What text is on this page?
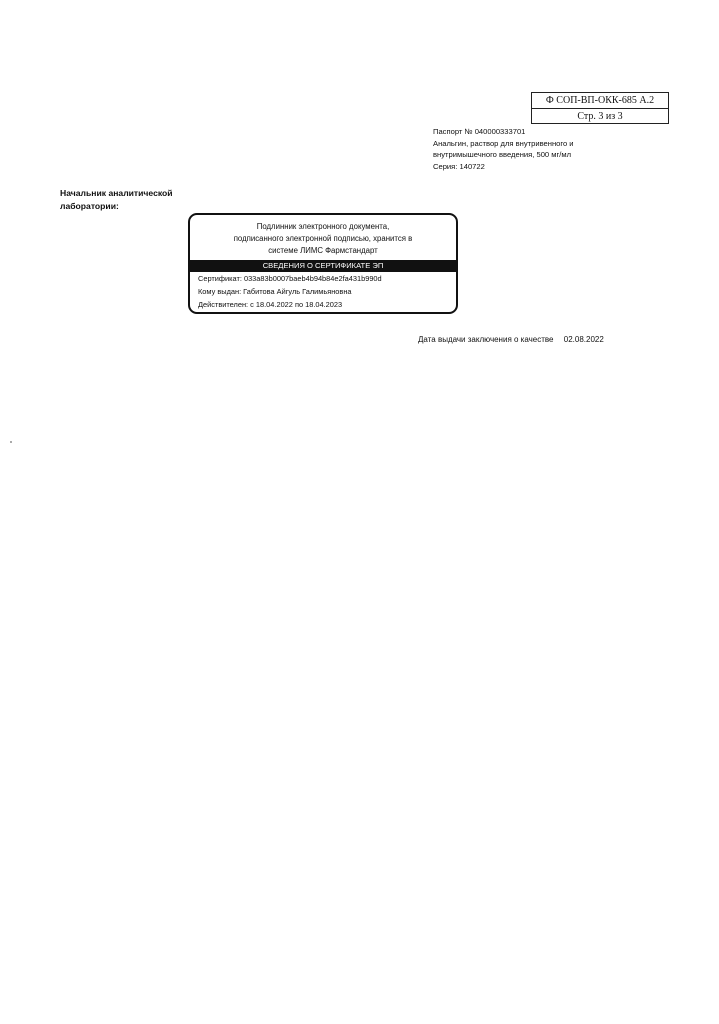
Ф СОП-ВП-ОКК-685 А.2
Стр. 3 из 3
Паспорт № 040000333701
Анальгин, раствор для внутривенного и
внутримышечного введения, 500 мг/мл
Серия: 140722
Начальник аналитической
лаборатории:
Подлинник электронного документа,
подписанного электронной подписью, хранится в
системе ЛИМС Фармстандарт
СВЕДЕНИЯ О СЕРТИФИКАТЕ ЭП
Сертификат: 033a83b0007baeb4b94b84e2fa431b990d
Кому выдан: Габитова Айгуль Галимьяновна
Действителен: с 18.04.2022 по 18.04.2023
Дата выдачи заключения о качестве 02.08.2022
